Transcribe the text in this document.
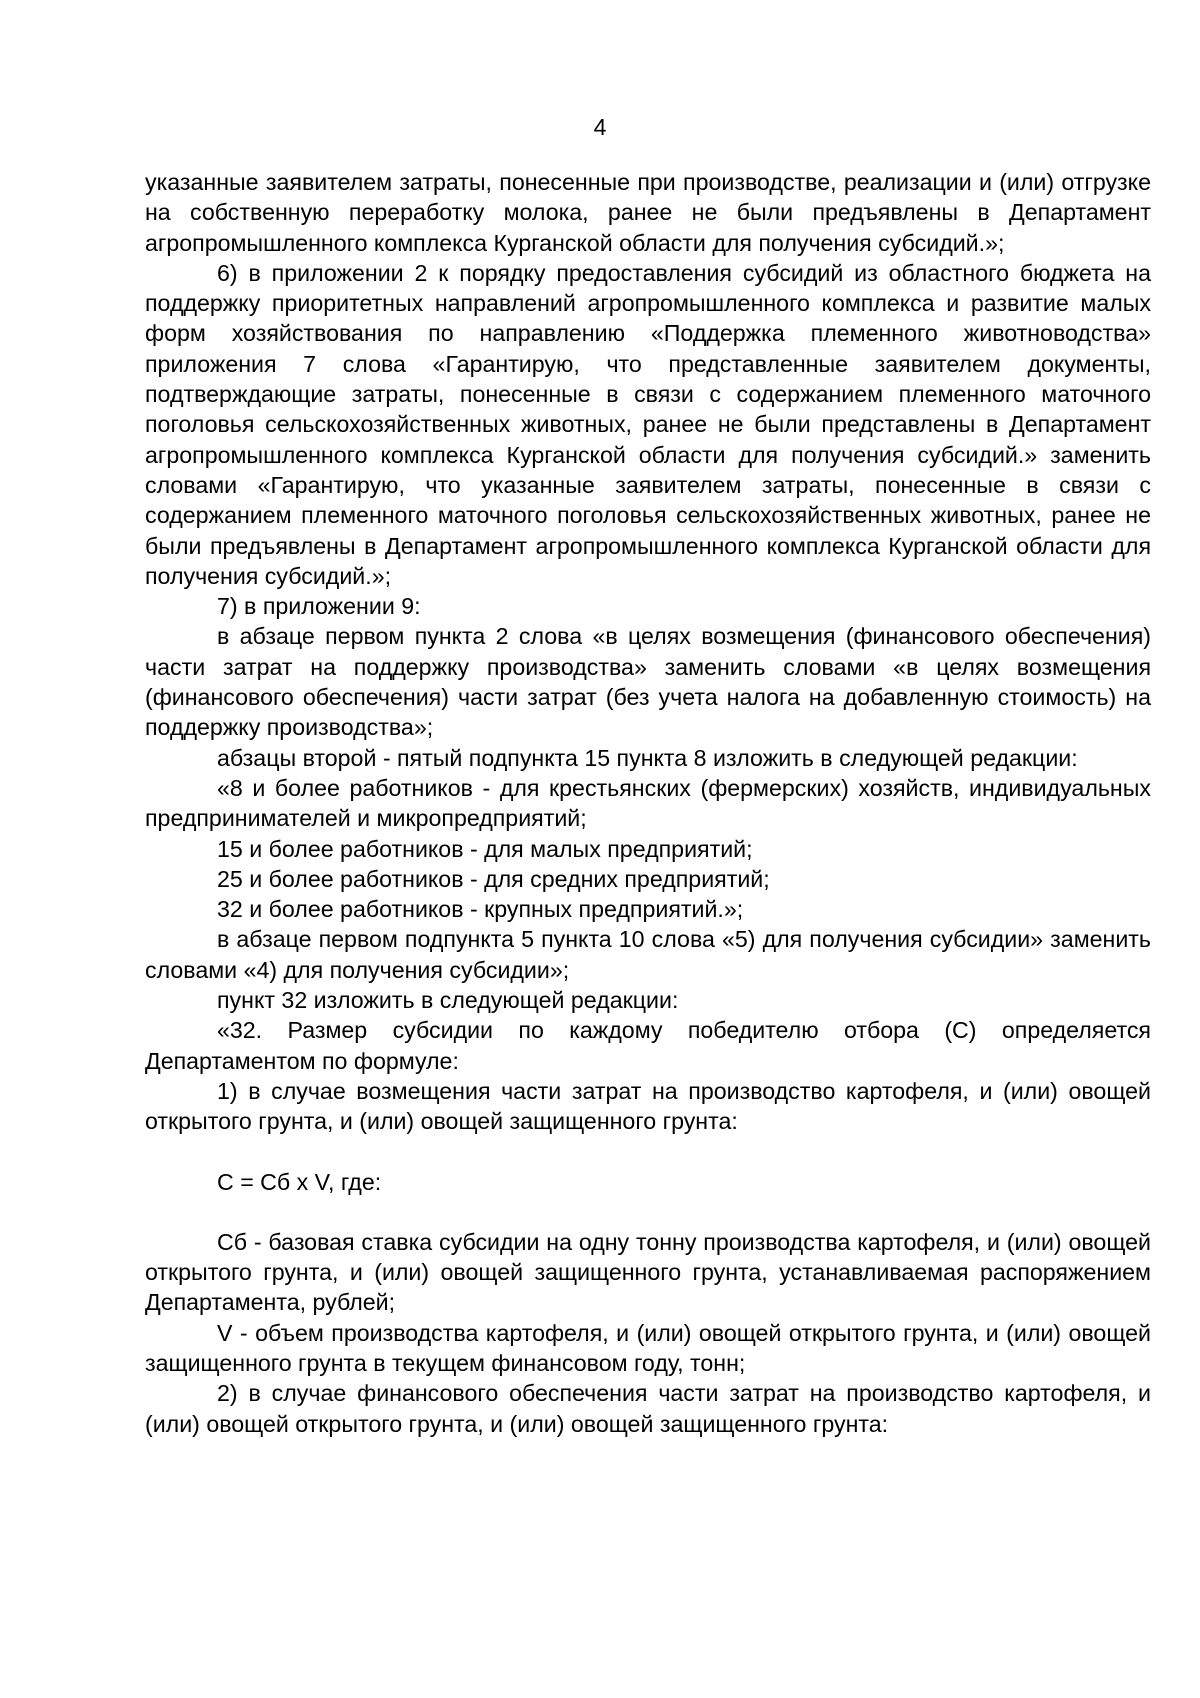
4

указанные заявителем затраты, понесенные при производстве, реализации и (или) отгрузке на собственную переработку молока, ранее не были предъявлены в Департамент агропромышленного комплекса Курганской области для получения субсидий.»;

6) в приложении 2 к порядку предоставления субсидий из областного бюджета на поддержку приоритетных направлений агропромышленного комплекса и развитие малых форм хозяйствования по направлению «Поддержка племенного животноводства» приложения 7 слова «Гарантирую, что представленные заявителем документы, подтверждающие затраты, понесенные в связи с содержанием племенного маточного поголовья сельскохозяйственных животных, ранее не были представлены в Департамент агропромышленного комплекса Курганской области для получения субсидий.» заменить словами «Гарантирую, что указанные заявителем затраты, понесенные в связи с содержанием племенного маточного поголовья сельскохозяйственных животных, ранее не были предъявлены в Департамент агропромышленного комплекса Курганской области для получения субсидий.»;

7) в приложении 9:

в абзаце первом пункта 2 слова «в целях возмещения (финансового обеспечения) части затрат на поддержку производства» заменить словами «в целях возмещения (финансового обеспечения) части затрат (без учета налога на добавленную стоимость) на поддержку производства»;

абзацы второй - пятый подпункта 15 пункта 8 изложить в следующей редакции:

«8 и более работников - для крестьянских (фермерских) хозяйств, индивидуальных предпринимателей и микропредприятий;

15 и более работников - для малых предприятий;

25 и более работников - для средних предприятий;

32 и более работников - крупных предприятий.»;

в абзаце первом подпункта 5 пункта 10 слова «5) для получения субсидии» заменить словами «4) для получения субсидии»;

пункт 32 изложить в следующей редакции:

«32. Размер субсидии по каждому победителю отбора (С) определяется Департаментом по формуле:

1) в случае возмещения части затрат на производство картофеля, и (или) овощей открытого грунта, и (или) овощей защищенного грунта:

С = Сб x V, где:

Сб - базовая ставка субсидии на одну тонну производства картофеля, и (или) овощей открытого грунта, и (или) овощей защищенного грунта, устанавливаемая распоряжением Департамента, рублей;

V - объем производства картофеля, и (или) овощей открытого грунта, и (или) овощей защищенного грунта в текущем финансовом году, тонн;

2) в случае финансового обеспечения части затрат на производство картофеля, и (или) овощей открытого грунта, и (или) овощей защищенного грунта:
